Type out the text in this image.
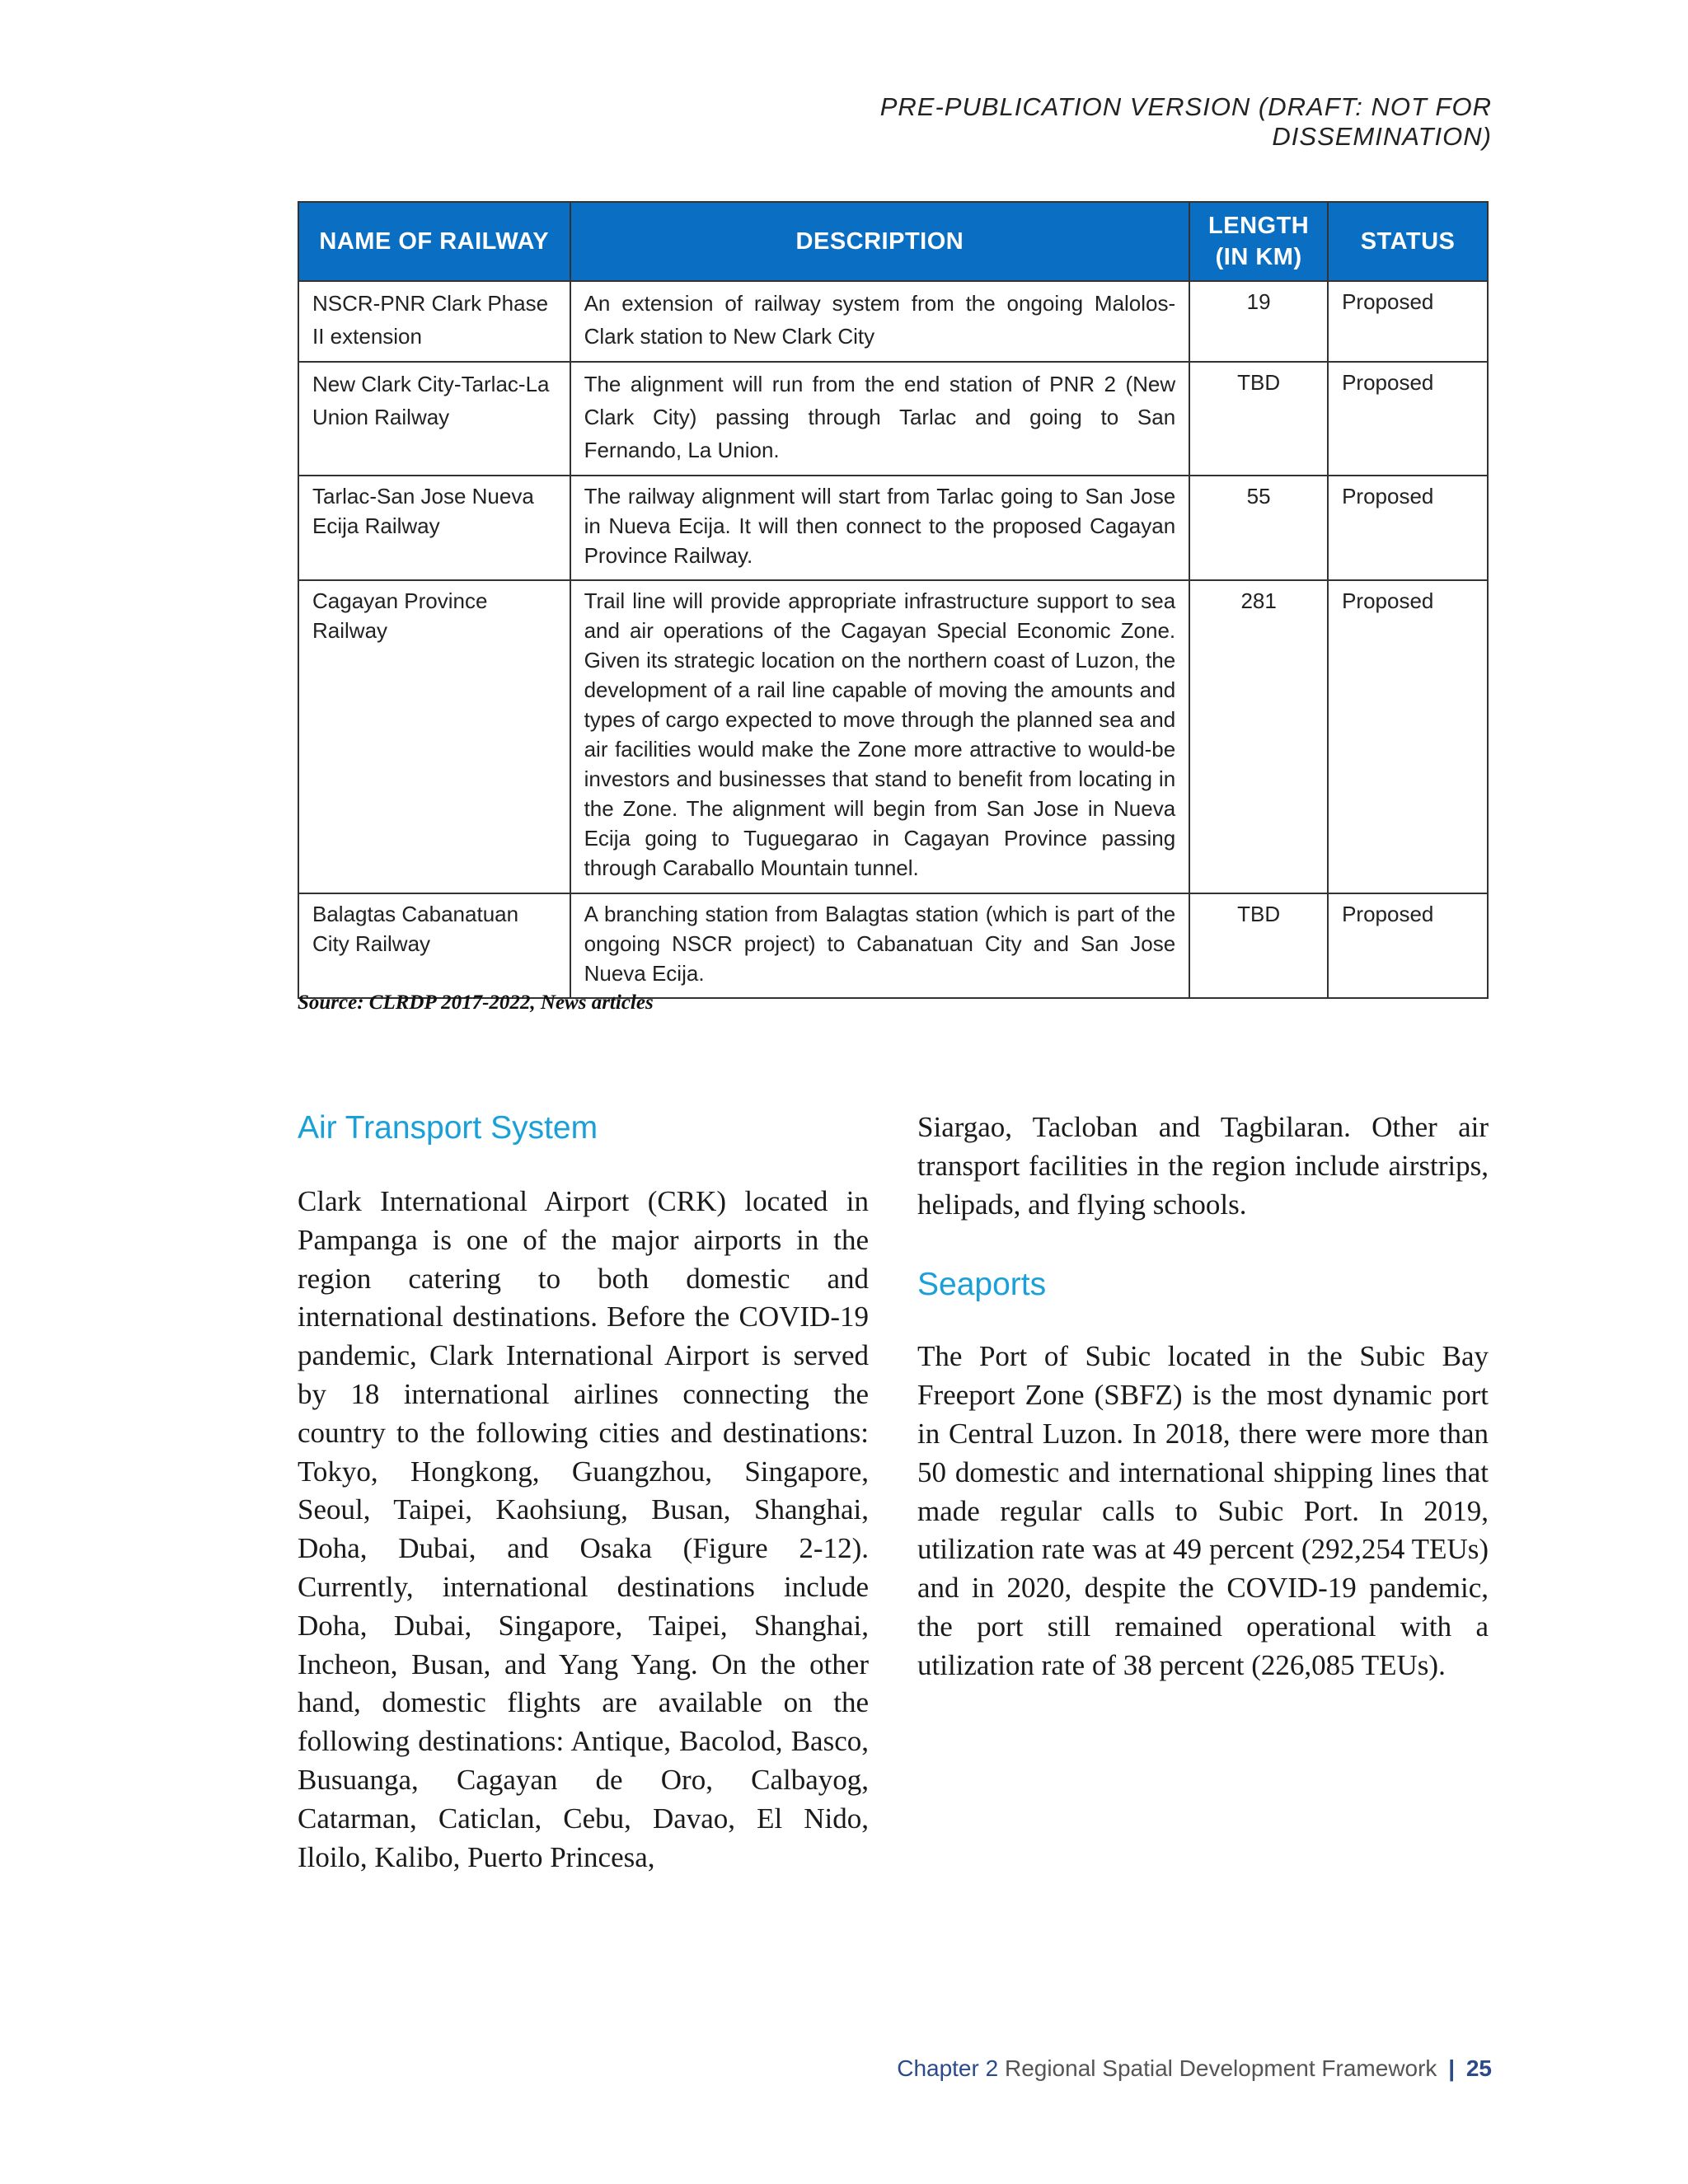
PRE-PUBLICATION VERSION (DRAFT: NOT FOR DISSEMINATION)
NAME OF RAILWAY	DESCRIPTION	LENGTH (IN KM)	STATUS
NSCR-PNR Clark Phase II extension	An extension of railway system from the ongoing Malolos-Clark station to New Clark City	19	Proposed
New Clark City-Tarlac-La Union Railway	The alignment will run from the end station of PNR 2 (New Clark City) passing through Tarlac and going to San Fernando, La Union.	TBD	Proposed
Tarlac-San Jose Nueva Ecija Railway	The railway alignment will start from Tarlac going to San Jose in Nueva Ecija. It will then connect to the proposed Cagayan Province Railway.	55	Proposed
Cagayan Province Railway	Trail line will provide appropriate infrastructure support to sea and air operations of the Cagayan Special Economic Zone. Given its strategic location on the northern coast of Luzon, the development of a rail line capable of moving the amounts and types of cargo expected to move through the planned sea and air facilities would make the Zone more attractive to would-be investors and businesses that stand to benefit from locating in the Zone. The alignment will begin from San Jose in Nueva Ecija going to Tuguegarao in Cagayan Province passing through Caraballo Mountain tunnel.	281	Proposed
Balagtas Cabanatuan City Railway	A branching station from Balagtas station (which is part of the ongoing NSCR project) to Cabanatuan City and San Jose Nueva Ecija.	TBD	Proposed
Source: CLRDP 2017-2022, News articles
Air Transport System

Clark International Airport (CRK) located in Pampanga is one of the major airports in the region catering to both domestic and international destinations. Before the COVID-19 pandemic, Clark International Airport is served by 18 international airlines connecting the country to the following cities and destinations: Tokyo, Hongkong, Guangzhou, Singapore, Seoul, Taipei, Kaohsiung, Busan, Shanghai, Doha, Dubai, and Osaka (Figure 2-12). Currently, international destinations include Doha, Dubai, Singapore, Taipei, Shanghai, Incheon, Busan, and Yang Yang. On the other hand, domestic flights are available on the following destinations: Antique, Bacolod, Basco, Busuanga, Cagayan de Oro, Calbayog, Catarman, Caticlan, Cebu, Davao, El Nido, Iloilo, Kalibo, Puerto Princesa,

Siargao, Tacloban and Tagbilaran. Other air transport facilities in the region include airstrips, helipads, and flying schools.

Seaports

The Port of Subic located in the Subic Bay Freeport Zone (SBFZ) is the most dynamic port in Central Luzon. In 2018, there were more than 50 domestic and international shipping lines that made regular calls to Subic Port. In 2019, utilization rate was at 49 percent (292,254 TEUs) and in 2020, despite the COVID-19 pandemic, the port still remained operational with a utilization rate of 38 percent (226,085 TEUs).

Chapter 2 Regional Spatial Development Framework | 25
